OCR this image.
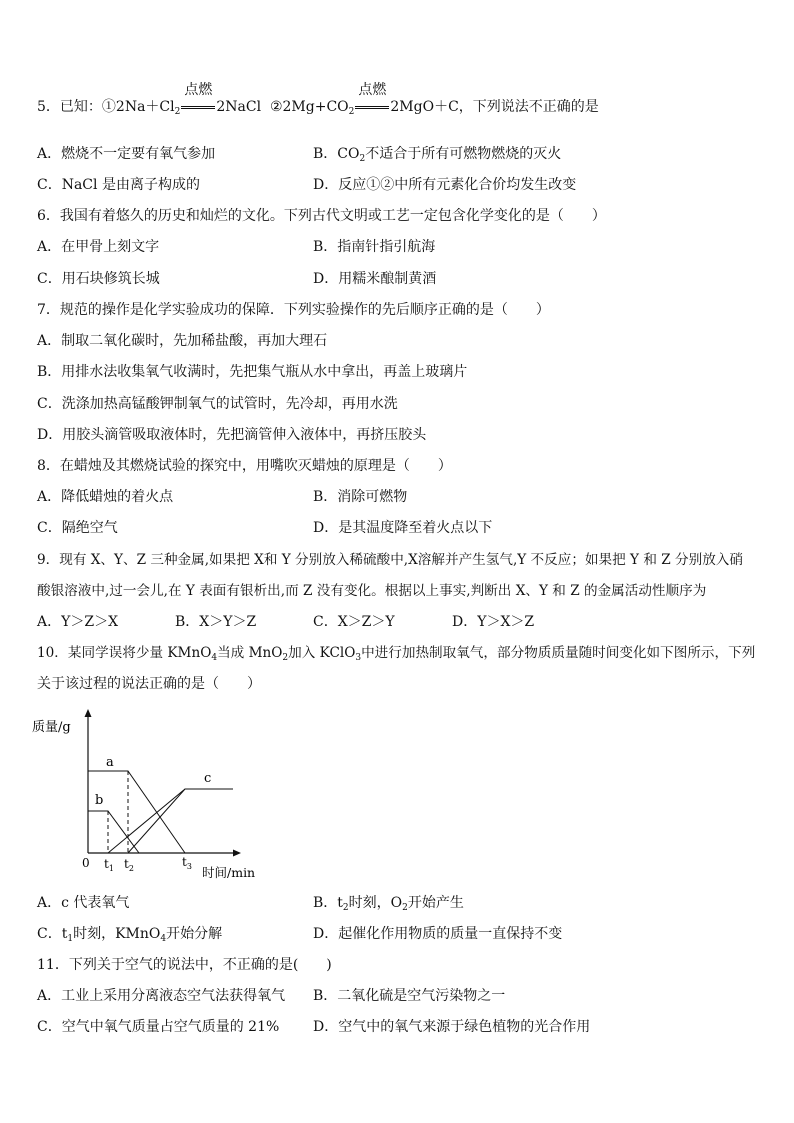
5．已知：$①2Na+Cl_2$
点燃
2NaCl $②2Mg+CO_2$
点燃
2MgO＋C，下列说法不正确的是
A．燃烧不一定要有氧气参加	B．$CO_2$不适合于所有可燃物燃烧的灭火
C．NaCl 是由离子构成的	D．反应①②中所有元素化合价均发生改变
6．我国有着悠久的历史和灿烂的文化。下列古代文明或工艺一定包含化学变化的是（　　）
A．在甲骨上刻文字	B．指南针指引航海
C．用石块修筑长城	D．用糯米酿制黄酒
7．规范的操作是化学实验成功的保障．下列实验操作的先后顺序正确的是（　　）
A．制取二氧化碳时，先加稀盐酸，再加大理石
B．用排水法收集氧气收满时，先把集气瓶从水中拿出，再盖上玻璃片
C．洗涤加热高锰酸钾制氧气的试管时，先冷却，再用水洗
D．用胶头滴管吸取液体时，先把滴管伸入液体中，再挤压胶头
8．在蜡烛及其燃烧试验的探究中，用嘴吹灭蜡烛的原理是（　　）
A．降低蜡烛的着火点	B．消除可燃物
C．隔绝空气	D．是其温度降至着火点以下
9．现有 X、Y、Z 三种金属,如果把 X和 Y 分别放入稀硫酸中,X溶解并产生氢气,Y 不反应；如果把 Y 和 Z 分别放入硝
酸银溶液中,过一会儿,在 Y 表面有银析出,而 Z 没有变化。根据以上事实,判断出 X、Y 和 Z 的金属活动性顺序为
A．Y＞Z＞X	B．X＞Y＞Z	C．X＞Z＞Y	D．Y＞X＞Z
10．某同学误将少量 KMnO$_4$当成 MnO$_2$加入 KClO$_3$中进行加热制取氧气，部分物质质量随时间变化如下图所示，下列
关于该过程的说法正确的是（　　）
质量/g
a
b
c
0 $t_1$ $t_2$	$t_3$ 时间/min
A．c 代表氧气	B．$t_2$时刻，$O_2$开始产生
C．$t_1$时刻，KMnO$_4$开始分解	D．起催化作用物质的质量一直保持不变
11．下列关于空气的说法中，不正确的是(　　)
A．工业上采用分离液态空气法获得氧气 B．二氧化硫是空气污染物之一
C．空气中氧气质量占空气质量的 21% D．空气中的氧气来源于绿色植物的光合作用
